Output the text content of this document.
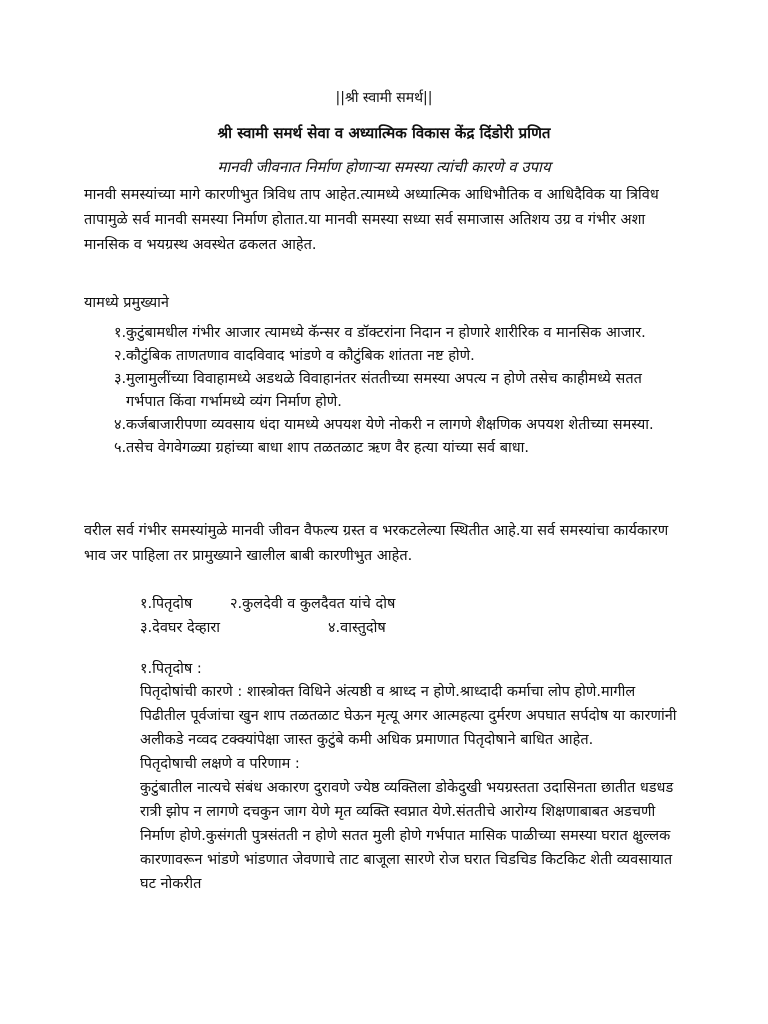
||श्री स्वामी समर्थ||
श्री स्वामी समर्थ सेवा व अध्यात्मिक विकास केंद्र दिंडोरी प्रणित
मानवी जीवनात निर्माण होणाऱ्या समस्या त्यांची कारणे व उपाय
मानवी समस्यांच्या मागे कारणीभुत त्रिविध ताप आहेत.त्यामध्ये अध्यात्मिक आधिभौतिक व आधिदैविक या त्रिविध तापामुळे सर्व मानवी समस्या निर्माण होतात.या मानवी समस्या सध्या सर्व समाजास अतिशय उग्र व गंभीर अशा मानसिक व भयग्रस्थ अवस्थेत ढकलत आहेत.
यामध्ये प्रमुख्याने
१. कुटुंबामधील गंभीर आजार त्यामध्ये कॅन्सर व डॉक्टरांना निदान न होणारे शारीरिक व मानसिक आजार.
२. कौटुंबिक ताणतणाव वादविवाद भांडणे व कौटुंबिक शांतता नष्ट होणे.
३. मुलामुलींच्या विवाहामध्ये अडथळे विवाहानंतर संततीच्या समस्या अपत्य न होणे तसेच काहीमध्ये सतत गर्भपात किंवा गर्भामध्ये व्यंग निर्माण होणे.
४. कर्जबाजारीपणा व्यवसाय धंदा यामध्ये अपयश येणे नोकरी न लागणे शैक्षणिक अपयश शेतीच्या समस्या.
५. तसेच वेगवेगळ्या ग्रहांच्या बाधा शाप तळतळाट ऋण वैर हत्या यांच्या सर्व बाधा.
वरील सर्व गंभीर समस्यांमुळे मानवी जीवन वैफल्य ग्रस्त व भरकटलेल्या स्थितीत आहे.या सर्व समस्यांचा कार्यकारण भाव जर पाहिला तर प्रामुख्याने खालील बाबी कारणीभुत आहेत.
१.पितृदोष	२.कुलदेवी व कुलदैवत यांचे दोष
३.देवघर देव्हारा	४.वास्तुदोष
१.पितृदोष :
पितृदोषांची कारणे : शास्त्रोक्त विधिने अंत्यष्ठी व श्राध्द न होणे.श्राध्दादी कर्माचा लोप होणे.मागील पिढीतील पूर्वजांचा खुन शाप तळतळाट घेऊन मृत्यू अगर आत्महत्या दुर्मरण अपघात सर्पदोष या कारणांनी अलीकडे नव्वद टक्क्यांपेक्षा जास्त कुटुंबे कमी अधिक प्रमाणात पितृदोषाने बाधित आहेत.
पितृदोषाची लक्षणे व परिणाम :
कुटुंबातील नात्यचे संबंध अकारण दुरावणे ज्येष्ठ व्यक्तिला डोकेदुखी भयग्रस्तता उदासिनता छातीत धडधड रात्री झोप न लागणे दचकुन जाग येणे मृत व्यक्ति स्वप्नात येणे.संततीचे आरोग्य शिक्षणाबाबत अडचणी निर्माण होणे.कुसंगती पुत्रसंतती न होणे सतत मुली होणे गर्भपात मासिक पाळीच्या समस्या घरात क्षुल्लक कारणावरून भांडणे भांडणात जेवणाचे ताट बाजूला सारणे रोज घरात चिडचिड किटकिट शेती व्यवसायात घट नोकरीत
